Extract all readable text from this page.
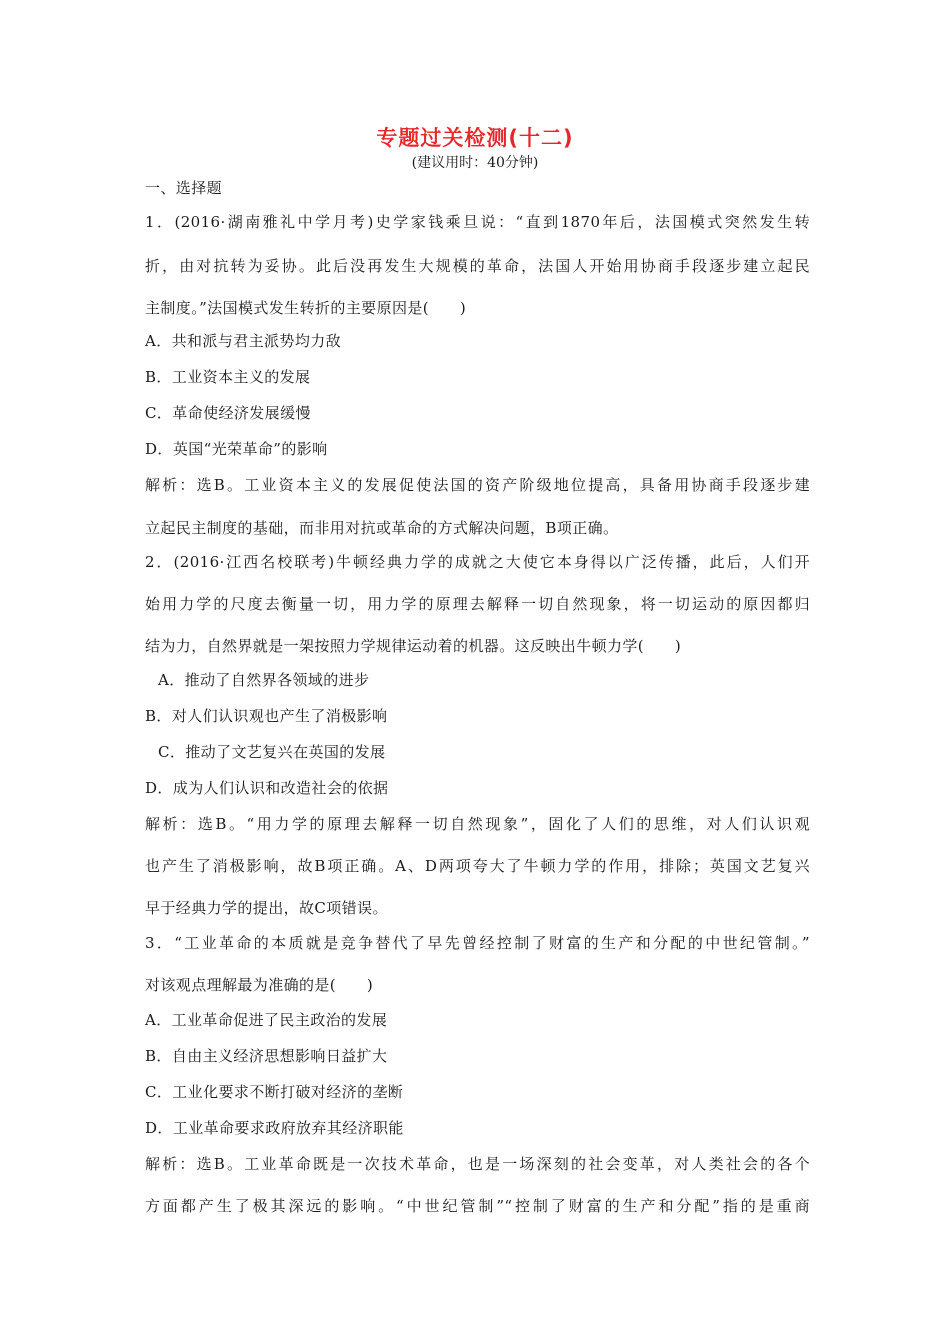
专题过关检测(十二)
(建议用时：40分钟)
一、选择题
1．(2016·湖南雅礼中学月考)史学家钱乘旦说：“直到1870年后，法国模式突然发生转
折，由对抗转为妥协。此后没再发生大规模的革命，法国人开始用协商手段逐步建立起民
主制度。”法国模式发生转折的主要原因是(　　)
A．共和派与君主派势均力敌
B．工业资本主义的发展
C．革命使经济发展缓慢
D．英国“光荣革命”的影响
解析：选B。工业资本主义的发展促使法国的资产阶级地位提高，具备用协商手段逐步建
立起民主制度的基础，而非用对抗或革命的方式解决问题，B项正确。
2．(2016·江西名校联考)牛顿经典力学的成就之大使它本身得以广泛传播，此后，人们开
始用力学的尺度去衡量一切，用力学的原理去解释一切自然现象，将一切运动的原因都归
结为力，自然界就是一架按照力学规律运动着的机器。这反映出牛顿力学(　　)
A．推动了自然界各领域的进步
B．对人们认识观也产生了消极影响
C．推动了文艺复兴在英国的发展
D．成为人们认识和改造社会的依据
解析：选B。“用力学的原理去解释一切自然现象”，固化了人们的思维，对人们认识观
也产生了消极影响，故B项正确。A、D两项夸大了牛顿力学的作用，排除；英国文艺复兴
早于经典力学的提出，故C项错误。
3．“工业革命的本质就是竞争替代了早先曾经控制了财富的生产和分配的中世纪管制。”
对该观点理解最为准确的是(　　)
A．工业革命促进了民主政治的发展
B．自由主义经济思想影响日益扩大
C．工业化要求不断打破对经济的垄断
D．工业革命要求政府放弃其经济职能
解析：选B。工业革命既是一次技术革命，也是一场深刻的社会变革，对人类社会的各个
方面都产生了极其深远的影响。“中世纪管制”“控制了财富的生产和分配”指的是重商
